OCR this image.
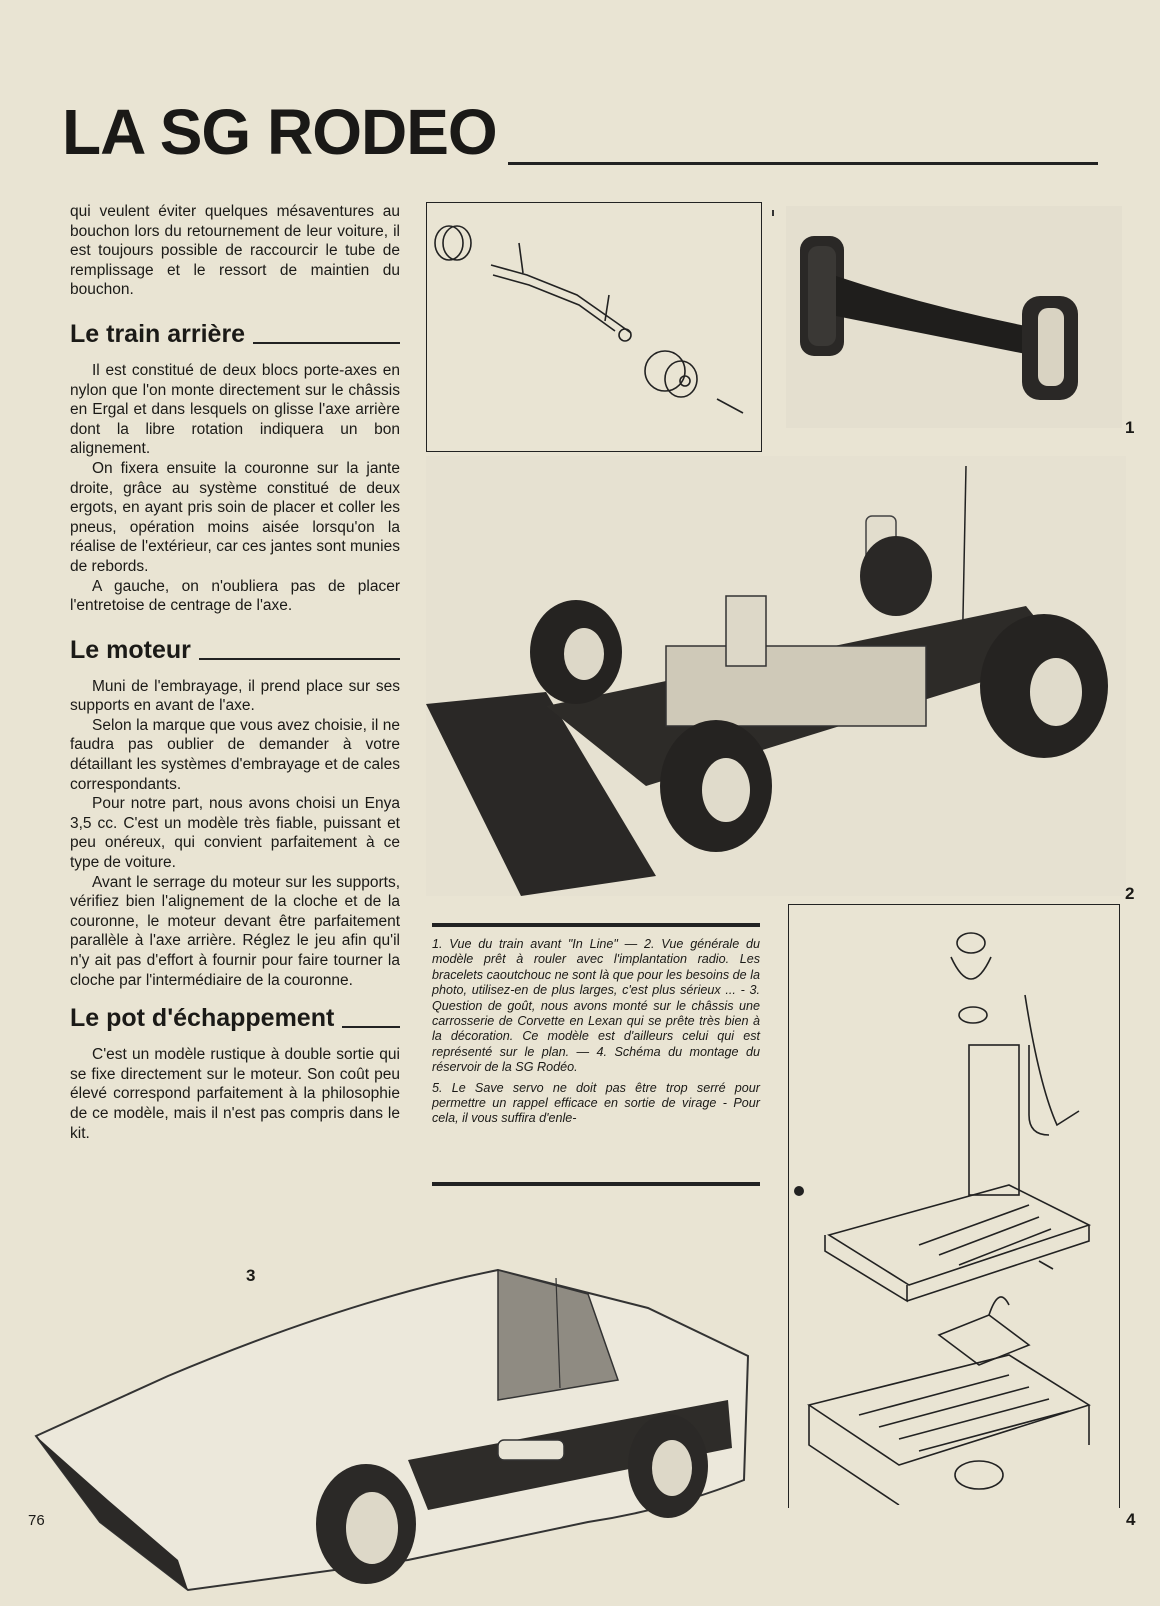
LA SG RODEO

qui veulent éviter quelques mésaventures au bouchon lors du retournement de leur voiture, il est toujours possible de raccourcir le tube de remplissage et le ressort de maintien du bouchon.

Le train arrière

Il est constitué de deux blocs porte-axes en nylon que l'on monte directement sur le châssis en Ergal et dans lesquels on glisse l'axe arrière dont la libre rotation indiquera un bon alignement.

On fixera ensuite la couronne sur la jante droite, grâce au système constitué de deux ergots, en ayant pris soin de placer et coller les pneus, opération moins aisée lorsqu'on la réalise de l'extérieur, car ces jantes sont munies de rebords.

A gauche, on n'oubliera pas de placer l'entretoise de centrage de l'axe.

Le moteur

Muni de l'embrayage, il prend place sur ses supports en avant de l'axe.

Selon la marque que vous avez choisie, il ne faudra pas oublier de demander à votre détaillant les systèmes d'embrayage et de cales correspondants.

Pour notre part, nous avons choisi un Enya 3,5 cc. C'est un modèle très fiable, puissant et peu onéreux, qui convient parfaitement à ce type de voiture.

Avant le serrage du moteur sur les supports, vérifiez bien l'alignement de la cloche et de la couronne, le moteur devant être parfaitement parallèle à l'axe arrière. Réglez le jeu afin qu'il n'y ait pas d'effort à fournir pour faire tourner la cloche par l'intermédiaire de la couronne.

Le pot d'échappement

C'est un modèle rustique à double sortie qui se fixe directement sur le moteur. Son coût peu élevé correspond parfaitement à la philosophie de ce modèle, mais il n'est pas compris dans le kit.

1
2

1. Vue du train avant "In Line" — 2. Vue générale du modèle prêt à rouler avec l'implantation radio. Les bracelets caoutchouc ne sont là que pour les besoins de la photo, utilisez-en de plus larges, c'est plus sérieux ... - 3. Question de goût, nous avons monté sur le châssis une carrosserie de Corvette en Lexan qui se prête très bien à la décoration. Ce modèle est d'ailleurs celui qui est représenté sur le plan. — 4. Schéma du montage du réservoir de la SG Rodéo.

5. Le Save servo ne doit pas être trop serré pour permettre un rappel efficace en sortie de virage - Pour cela, il vous suffira d'enle-

4
3
76
